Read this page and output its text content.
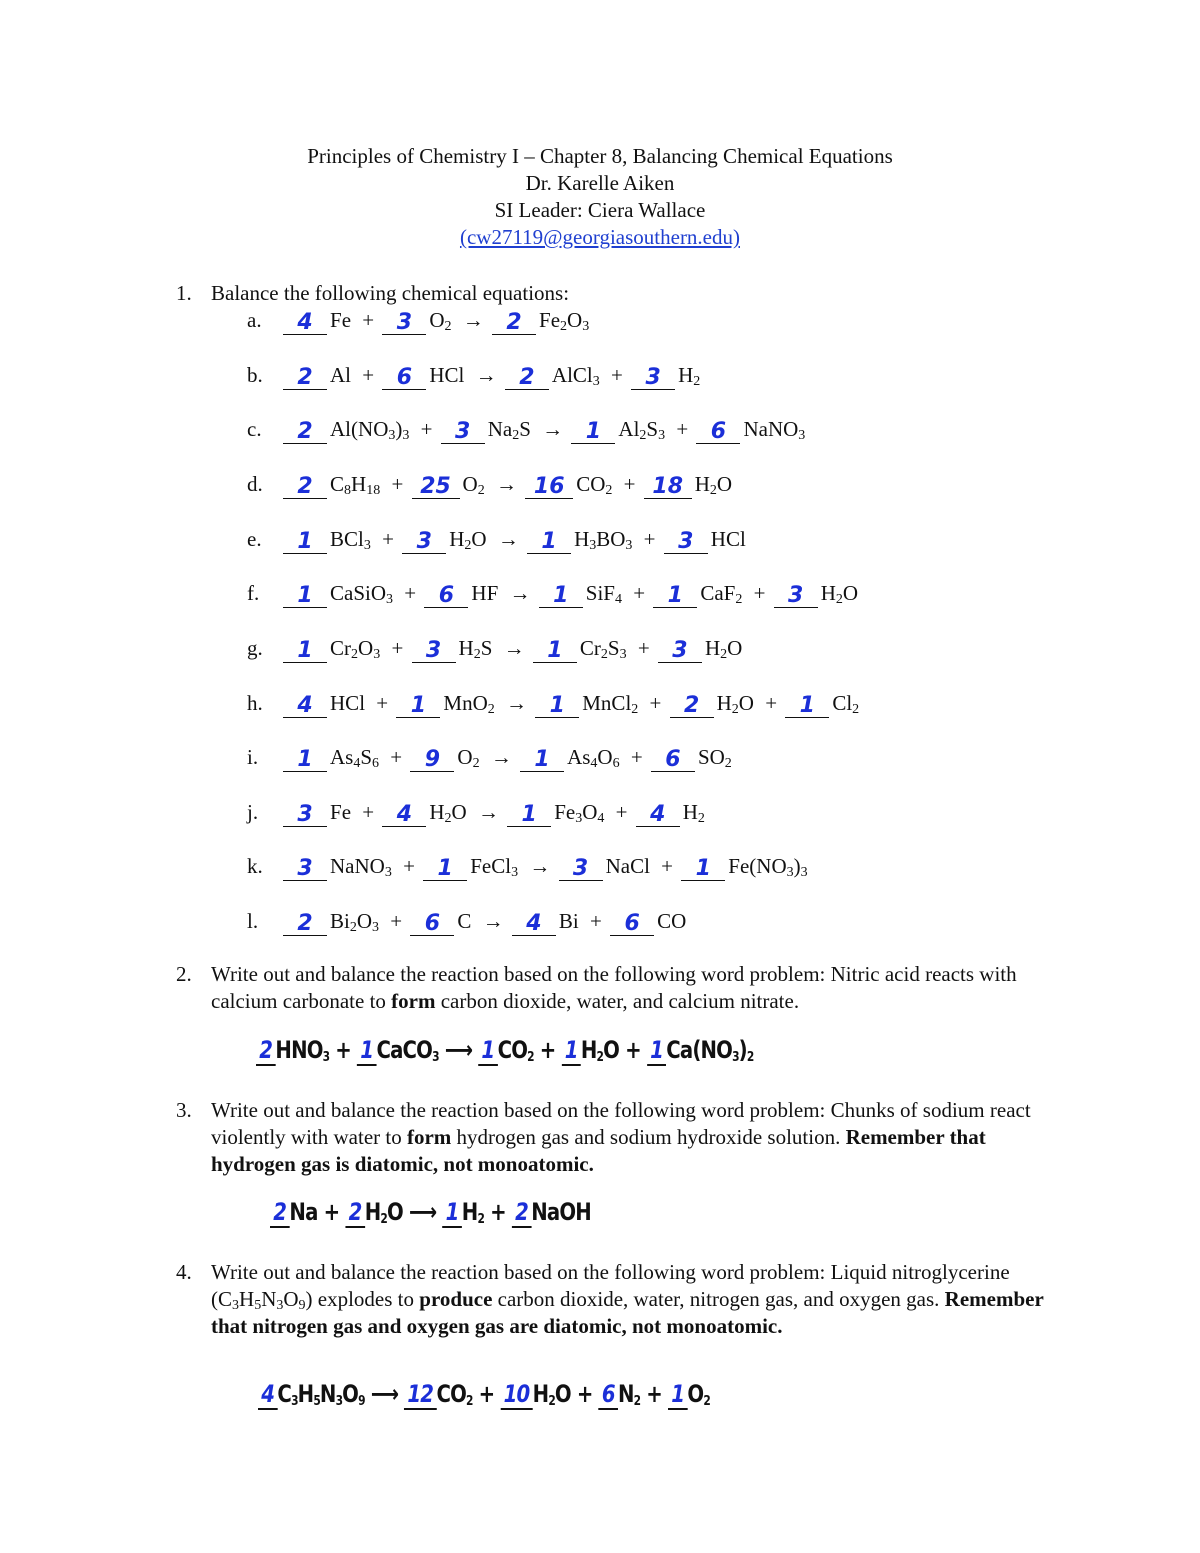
Principles of Chemistry I – Chapter 8, Balancing Chemical Equations
Dr. Karelle Aiken
SI Leader: Ciera Wallace
(cw27119@georgiasouthern.edu)
1. Balance the following chemical equations:
a. 4 Fe + 3 $O_2 \to 2$ $Fe_2O_3$
b. 2 Al + 6 HCl → 2 AlCl$_3$ + 3 $H_2$
c. 2 $Al(NO_3)_3 + 3$ $Na_2S \to 1$ $Al_2S_3 + 6$ NaNO$_3$
d. 2 $C_8H_{18} + 25$ $O_2 \to 16$ $CO_2 + 18$ $H_2O$
e. 1 BCl$_3$ + 3 $H_2O \to 1$ $H_3BO_3 + 3$ HCl
f. 1 CaSiO$_3$ + 6 HF → 1 SiF$_4$ + 1 CaF$_2$ + 3 $H_2O$
g. 1 $Cr_2O_3 + 3$ $H_2S \to 1$ $Cr_2S_3 + 3$ $H_2O$
h. 4 HCl + 1 MnO$_2$ → 1 MnCl$_2$ + 2 $H_2O + 1$ $Cl_2$
i. 1 $As_4S_6 + 9$ $O_2 \to 1$ $As_4O_6 + 6$ $SO_2$
j. 3 Fe + 4 $H_2O \to 1$ $Fe_3O_4 + 4$ $H_2$
k. 3 NaNO$_3$ + 1 FeCl$_3$ → 3 NaCl + 1 $Fe(NO_3)_3$
l. 2 $Bi_2O_3 + 6$ C → 4 Bi + 6 CO
2. Write out and balance the reaction based on the following word problem: Nitric acid reacts with calcium carbonate to form carbon dioxide, water, and calcium nitrate.
2 $HNO_3 + 1$ CaCO$_3$ ⟶ 1 $CO_2 + 1$ $H_2O + 1$ $Ca(NO_3)_2$
3. Write out and balance the reaction based on the following word problem: Chunks of sodium react violently with water to form hydrogen gas and sodium hydroxide solution. Remember that hydrogen gas is diatomic, not monoatomic.
2 Na + 2 $H_2O$ ⟶ 1 $H_2 + 2$ NaOH
4. Write out and balance the reaction based on the following word problem: Liquid nitroglycerine $(C_3H_5N_3O_9)$ explodes to produce carbon dioxide, water, nitrogen gas, and oxygen gas. Remember that nitrogen gas and oxygen gas are diatomic, not monoatomic.
4 $C_3H_5N_3O_9$ ⟶ 12 $CO_2 + 10$ $H_2O + 6$ $N_2 + 1$ $O_2$
